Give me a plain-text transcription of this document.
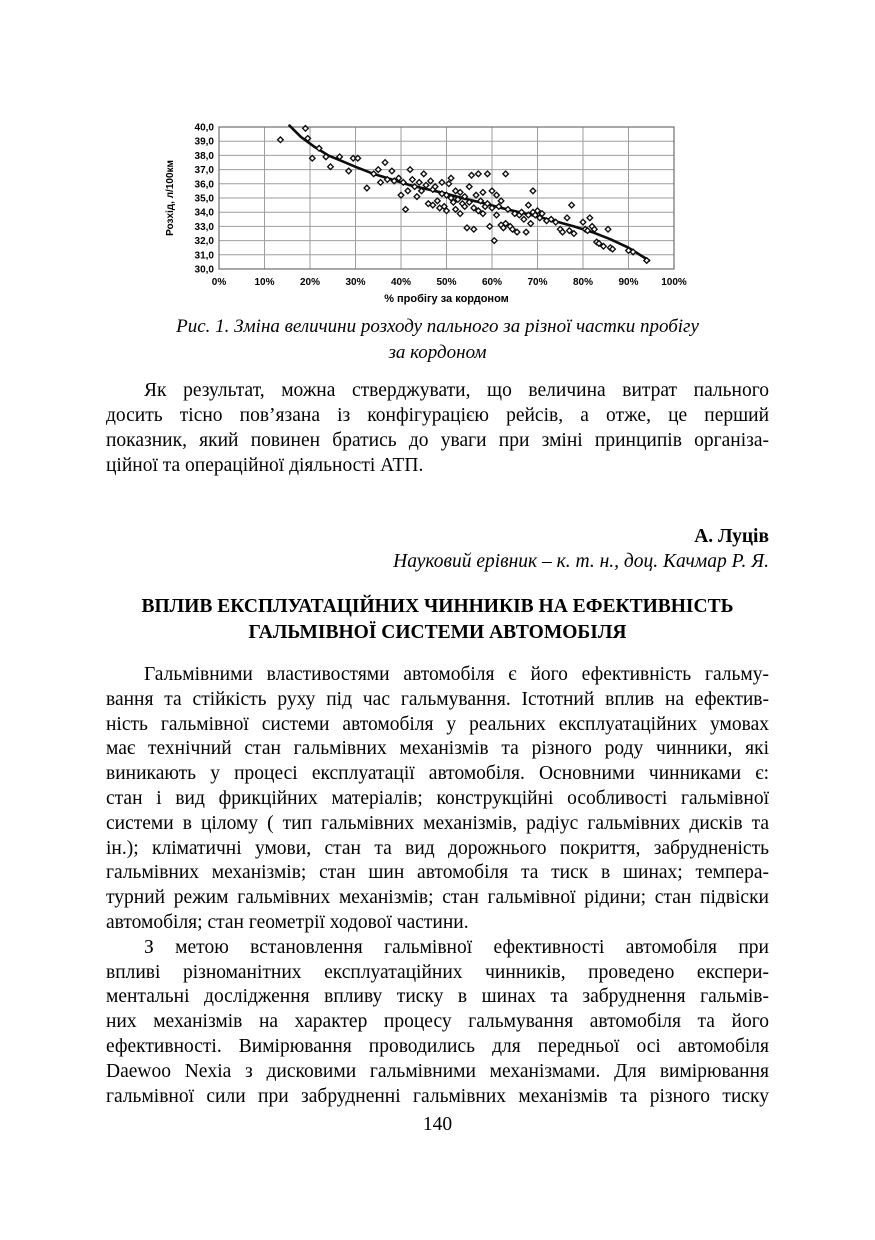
0%	10%	20%	30%	40%	50%	60%	70%	80%	90% 100%
40,0
39,0
38,0
37,0
36,0
35,0
34,0
33,0
32,0
31,0
30,0
% пробігу за кордоном
Розхід, л/100км
Рис. 1. Зміна величини розходу пального за різної частки пробігу
за кордоном
Як результат, можна стверджувати, що величина витрат пального
досить тісно пов’язана із конфігурацією рейсів, а отже, це перший
показник, який повинен братись до уваги при зміні принципів організа-
ційної та операційної діяльності АТП.
А. Луців
Науковий ерівник – к. т. н., доц. Качмар Р. Я.
ВПЛИВ ЕКСПЛУАТАЦІЙНИХ ЧИННИКІВ НА ЕФЕКТИВНІСТЬ
ГАЛЬМІВНОЇ СИСТЕМИ АВТОМОБІЛЯ
Гальмівними властивостями автомобіля є його ефективність гальму-
вання та стійкість руху під час гальмування. Істотний вплив на ефектив-
ність гальмівної системи автомобіля у реальних експлуатаційних умовах
має технічний стан гальмівних механізмів та різного роду чинники, які
виникають у процесі експлуатації автомобіля. Основними чинниками є:
стан і вид фрикційних матеріалів; конструкційні особливості гальмівної
системи в цілому ( тип гальмівних механізмів, радіус гальмівних дисків та
ін.); кліматичні умови, стан та вид дорожнього покриття, забрудненість
гальмівних механізмів; стан шин автомобіля та тиск в шинах; темпера-
турний режим гальмівних механізмів; стан гальмівної рідини; стан підвіски
автомобіля; стан геометрії ходової частини.
З метою встановлення гальмівної ефективності автомобіля при
впливі різноманітних експлуатаційних чинників, проведено експери-
ментальні дослідження впливу тиску в шинах та забруднення гальмів-
них механізмів на характер процесу гальмування автомобіля та його
ефективності. Вимірювання проводились для передньої осі автомобіля
Daewoo Nexia з дисковими гальмівними механізмами. Для вимірювання
гальмівної сили при забрудненні гальмівних механізмів та різного тиску
140
